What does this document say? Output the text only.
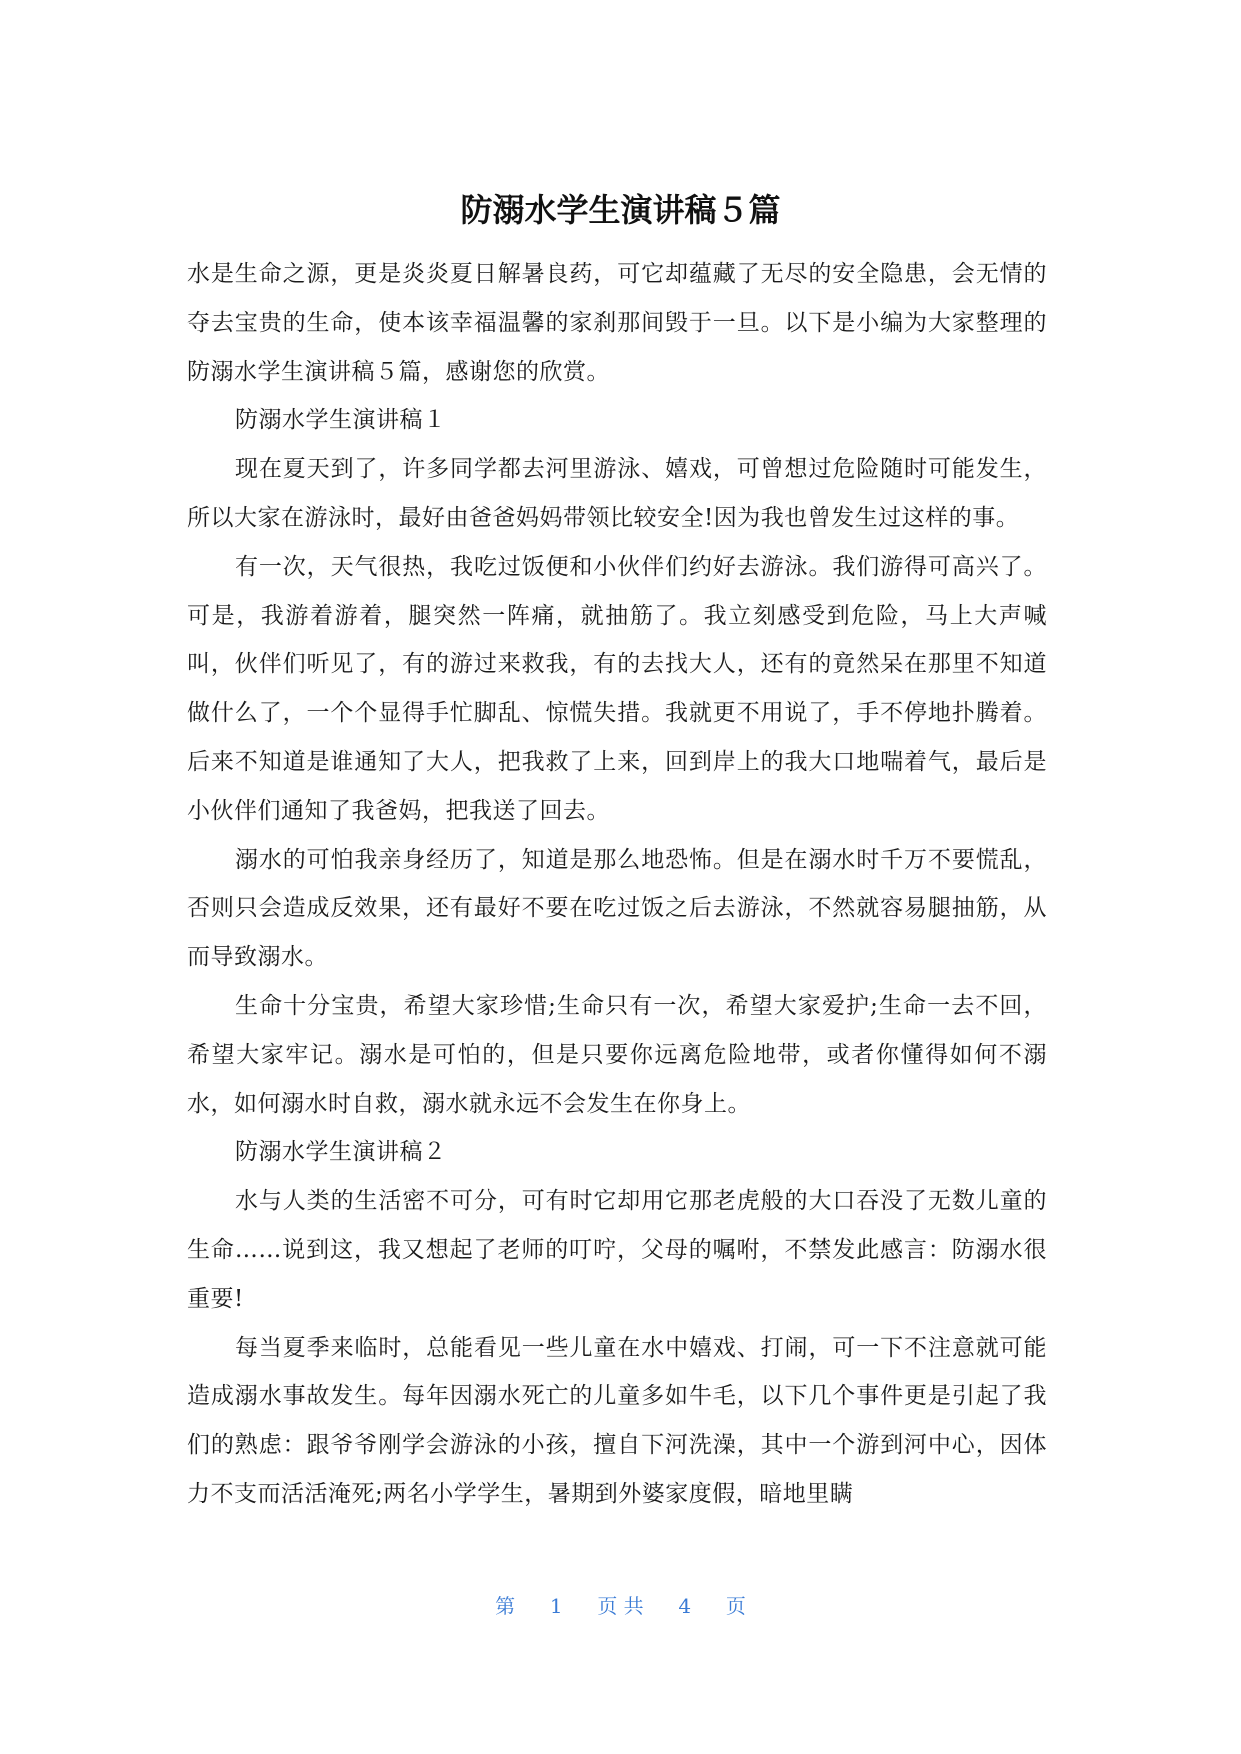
防溺水学生演讲稿５篇

水是生命之源，更是炎炎夏日解暑良药，可它却蕴藏了无尽的安全隐患，会无情的夺去宝贵的生命，使本该幸福温馨的家刹那间毁于一旦。以下是小编为大家整理的防溺水学生演讲稿５篇，感谢您的欣赏。

防溺水学生演讲稿１

现在夏天到了，许多同学都去河里游泳、嬉戏，可曾想过危险随时可能发生，所以大家在游泳时，最好由爸爸妈妈带领比较安全!因为我也曾发生过这样的事。

有一次，天气很热，我吃过饭便和小伙伴们约好去游泳。我们游得可高兴了。可是，我游着游着，腿突然一阵痛，就抽筋了。我立刻感受到危险，马上大声喊叫，伙伴们听见了，有的游过来救我，有的去找大人，还有的竟然呆在那里不知道做什么了，一个个显得手忙脚乱、惊慌失措。我就更不用说了，手不停地扑腾着。后来不知道是谁通知了大人，把我救了上来，回到岸上的我大口地喘着气，最后是小伙伴们通知了我爸妈，把我送了回去。

溺水的可怕我亲身经历了，知道是那么地恐怖。但是在溺水时千万不要慌乱，否则只会造成反效果，还有最好不要在吃过饭之后去游泳，不然就容易腿抽筋，从而导致溺水。

生命十分宝贵，希望大家珍惜;生命只有一次，希望大家爱护;生命一去不回，希望大家牢记。溺水是可怕的，但是只要你远离危险地带，或者你懂得如何不溺水，如何溺水时自救，溺水就永远不会发生在你身上。

防溺水学生演讲稿２

水与人类的生活密不可分，可有时它却用它那老虎般的大口吞没了无数儿童的生命……说到这，我又想起了老师的叮咛，父母的嘱咐，不禁发此感言：防溺水很重要!

每当夏季来临时，总能看见一些儿童在水中嬉戏、打闹，可一下不注意就可能造成溺水事故发生。每年因溺水死亡的儿童多如牛毛，以下几个事件更是引起了我们的熟虑：跟爷爷刚学会游泳的小孩，擅自下河洗澡，其中一个游到河中心，因体力不支而活活淹死;两名小学学生，暑期到外婆家度假，暗地里瞒

第 1 页 共 4 页
